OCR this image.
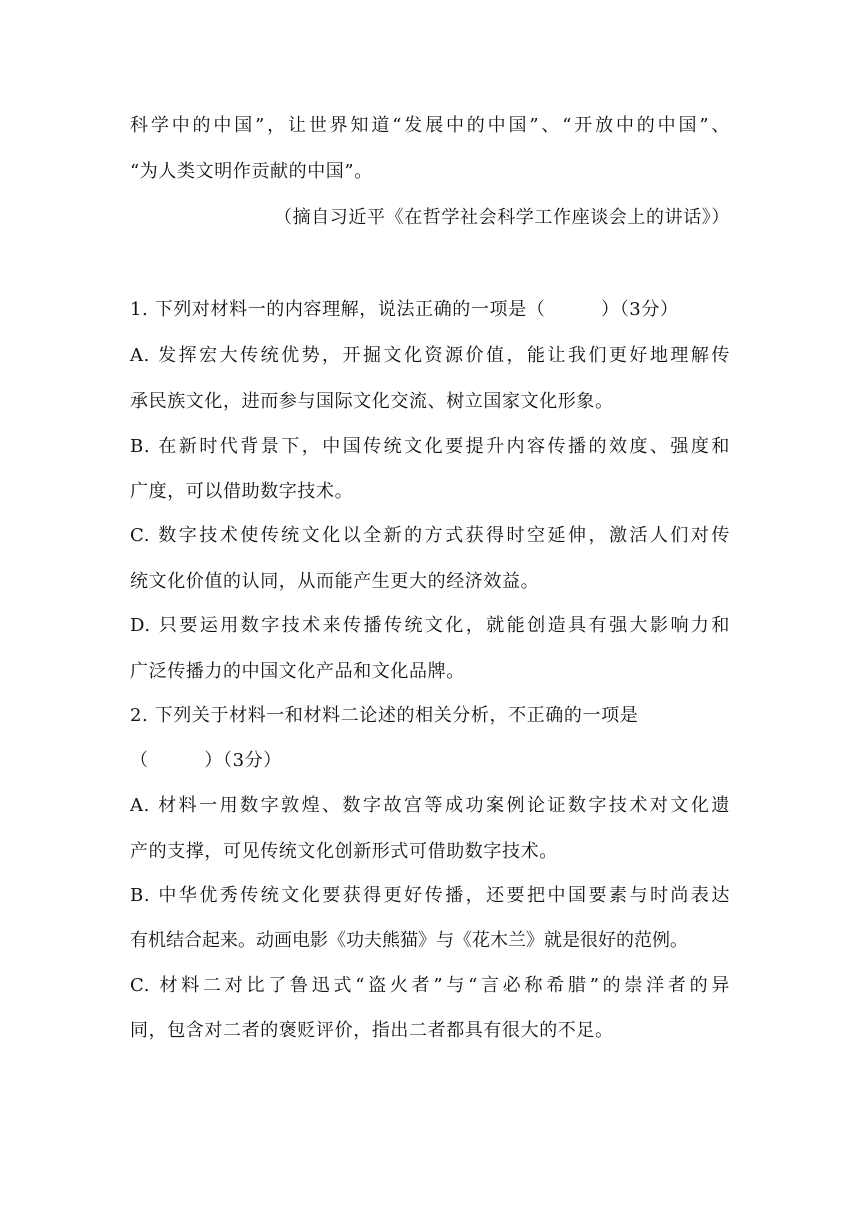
科学中的中国”，让世界知道“发展中的中国”、“开放中的中国”、
“为人类文明作贡献的中国”。
（摘自习近平《在哲学社会科学工作座谈会上的讲话》）
1. 下列对材料一的内容理解，说法正确的一项是（　　　）（3分）
A. 发挥宏大传统优势，开掘文化资源价值，能让我们更好地理解传
承民族文化，进而参与国际文化交流、树立国家文化形象。
B. 在新时代背景下，中国传统文化要提升内容传播的效度、强度和
广度，可以借助数字技术。
C. 数字技术使传统文化以全新的方式获得时空延伸，激活人们对传
统文化价值的认同，从而能产生更大的经济效益。
D. 只要运用数字技术来传播传统文化，就能创造具有强大影响力和
广泛传播力的中国文化产品和文化品牌。
2. 下列关于材料一和材料二论述的相关分析，不正确的一项是
（　　　）（3分）
A. 材料一用数字敦煌、数字故宫等成功案例论证数字技术对文化遗
产的支撑，可见传统文化创新形式可借助数字技术。
B. 中华优秀传统文化要获得更好传播，还要把中国要素与时尚表达
有机结合起来。动画电影《功夫熊猫》与《花木兰》就是很好的范例。
C. 材料二对比了鲁迅式“盗火者”与“言必称希腊”的崇洋者的异
同，包含对二者的褒贬评价，指出二者都具有很大的不足。
